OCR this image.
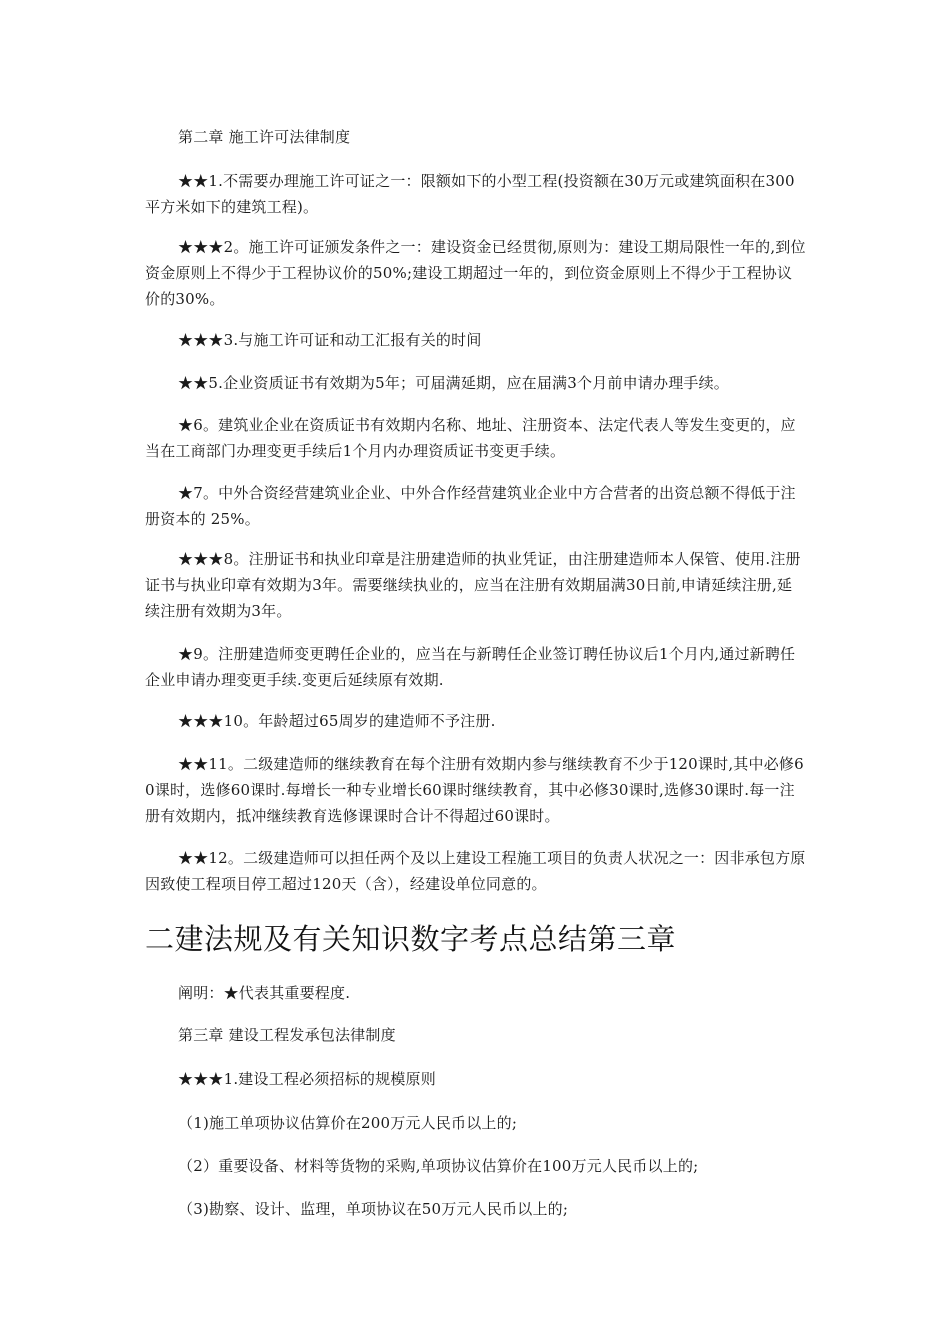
第二章 施工许可法律制度

★★1.不需要办理施工许可证之一：限额如下的小型工程(投资额在30万元或建筑面积在300平方米如下的建筑工程)。

★★★2。施工许可证颁发条件之一：建设资金已经贯彻,原则为：建设工期局限性一年的,到位资金原则上不得少于工程协议价的50%;建设工期超过一年的，到位资金原则上不得少于工程协议价的30%。

★★★3.与施工许可证和动工汇报有关的时间

★★5.企业资质证书有效期为5年；可届满延期，应在届满3个月前申请办理手续。

★6。建筑业企业在资质证书有效期内名称、地址、注册资本、法定代表人等发生变更的，应当在工商部门办理变更手续后1个月内办理资质证书变更手续。

★7。中外合资经营建筑业企业、中外合作经营建筑业企业中方合营者的出资总额不得低于注册资本的 25%。

★★★8。注册证书和执业印章是注册建造师的执业凭证，由注册建造师本人保管、使用.注册证书与执业印章有效期为3年。需要继续执业的，应当在注册有效期届满30日前,申请延续注册,延续注册有效期为3年。

★9。注册建造师变更聘任企业的，应当在与新聘任企业签订聘任协议后1个月内,通过新聘任企业申请办理变更手续.变更后延续原有效期.

★★★10。年龄超过65周岁的建造师不予注册.

★★11。二级建造师的继续教育在每个注册有效期内参与继续教育不少于120课时,其中必修60课时，选修60课时.每增长一种专业增长60课时继续教育，其中必修30课时,选修30课时.每一注册有效期内，抵冲继续教育选修课课时合计不得超过60课时。

★★12。二级建造师可以担任两个及以上建设工程施工项目的负责人状况之一：因非承包方原因致使工程项目停工超过120天（含），经建设单位同意的。

二建法规及有关知识数字考点总结第三章

阐明：★代表其重要程度.

第三章 建设工程发承包法律制度

★★★1.建设工程必须招标的规模原则

（1)施工单项协议估算价在200万元人民币以上的;

（2）重要设备、材料等货物的采购,单项协议估算价在100万元人民币以上的;

（3)勘察、设计、监理，单项协议在50万元人民币以上的;
